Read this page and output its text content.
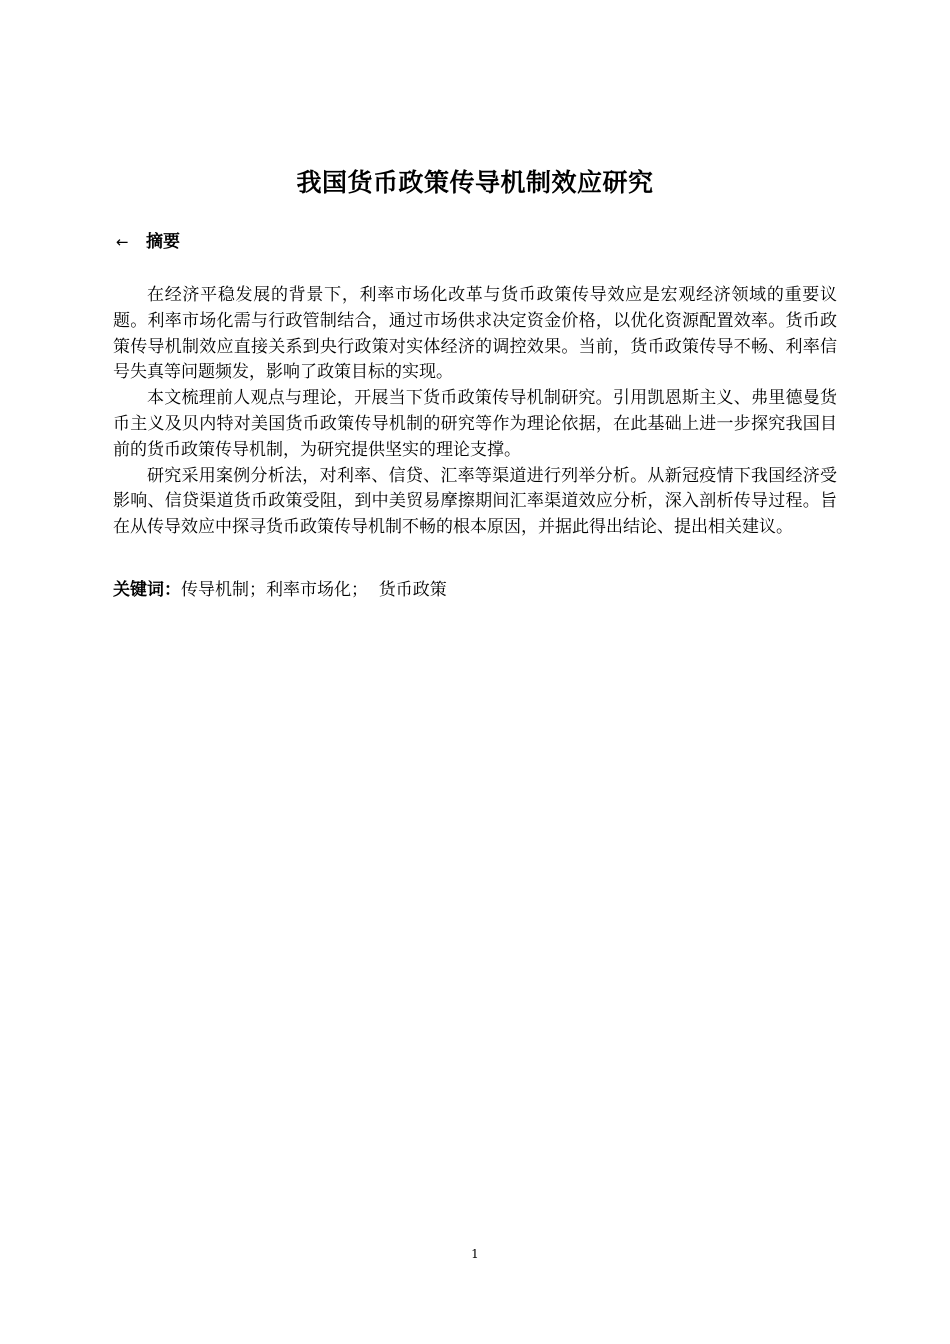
我国货币政策传导机制效应研究
← 摘要

在经济平稳发展的背景下，利率市场化改革与货币政策传导效应是宏观经济领域的重要议题。利率市场化需与行政管制结合，通过市场供求决定资金价格，以优化资源配置效率。货币政策传导机制效应直接关系到央行政策对实体经济的调控效果。当前，货币政策传导不畅、利率信号失真等问题频发，影响了政策目标的实现。

本文梳理前人观点与理论，开展当下货币政策传导机制研究。引用凯恩斯主义、弗里德曼货币主义及贝内特对美国货币政策传导机制的研究等作为理论依据，在此基础上进一步探究我国目前的货币政策传导机制，为研究提供坚实的理论支撑。

研究采用案例分析法，对利率、信贷、汇率等渠道进行列举分析。从新冠疫情下我国经济受影响、信贷渠道货币政策受阻，到中美贸易摩擦期间汇率渠道效应分析，深入剖析传导过程。旨在从传导效应中探寻货币政策传导机制不畅的根本原因，并据此得出结论、提出相关建议。

关键词：传导机制；利率市场化；  货币政策
1
